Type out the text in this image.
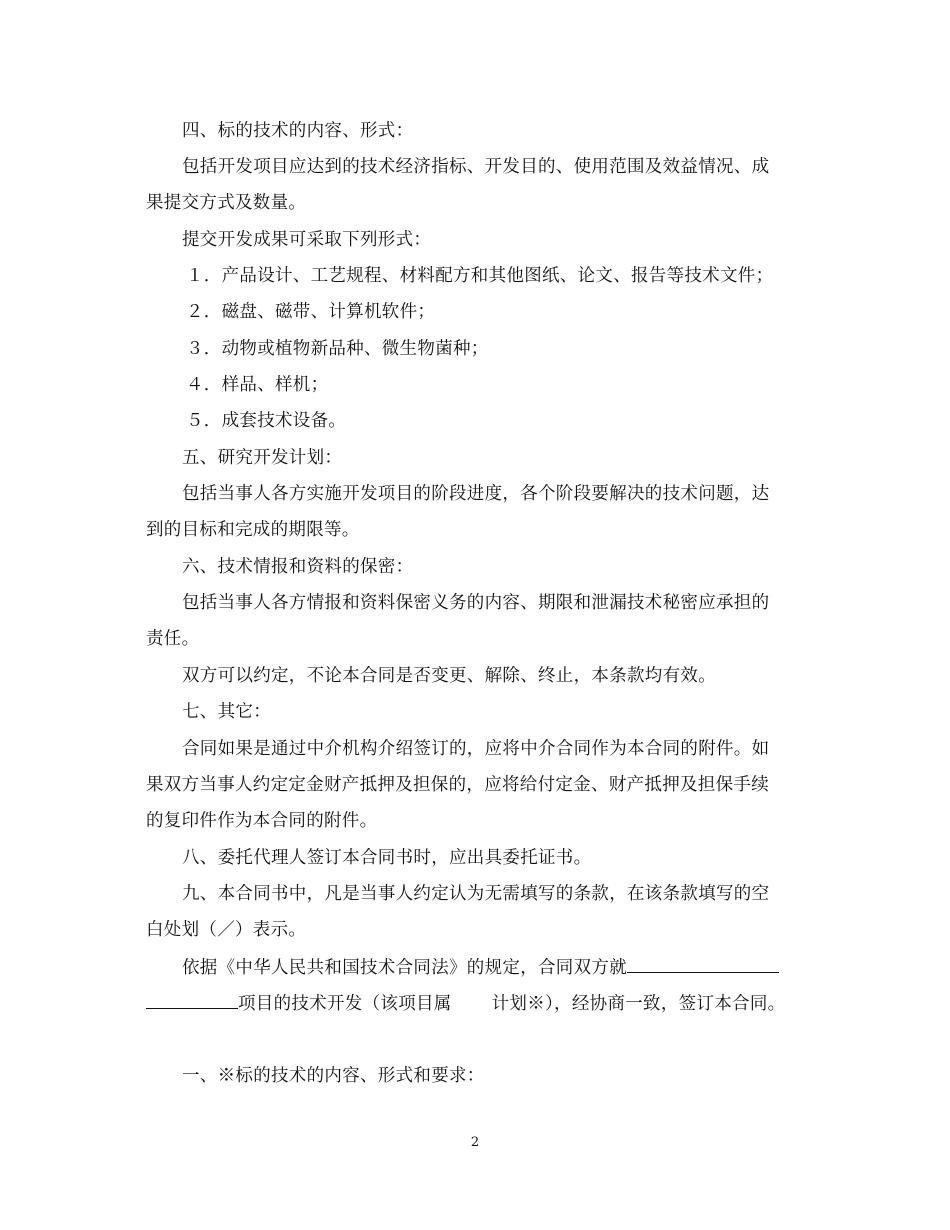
四、标的技术的内容、形式：
包括开发项目应达到的技术经济指标、开发目的、使用范围及效益情况、成
果提交方式及数量。
提交开发成果可采取下列形式：
１．产品设计、工艺规程、材料配方和其他图纸、论文、报告等技术文件；
２．磁盘、磁带、计算机软件；
３．动物或植物新品种、微生物菌种；
４．样品、样机；
５．成套技术设备。
五、研究开发计划：
包括当事人各方实施开发项目的阶段进度，各个阶段要解决的技术问题，达
到的目标和完成的期限等。
六、技术情报和资料的保密：
包括当事人各方情报和资料保密义务的内容、期限和泄漏技术秘密应承担的
责任。
双方可以约定，不论本合同是否变更、解除、终止，本条款均有效。
七、其它：
合同如果是通过中介机构介绍签订的，应将中介合同作为本合同的附件。如
果双方当事人约定定金财产抵押及担保的，应将给付定金、财产抵押及担保手续
的复印件作为本合同的附件。
八、委托代理人签订本合同书时，应出具委托证书。
九、本合同书中，凡是当事人约定认为无需填写的条款，在该条款填写的空
白处划（／）表示。
依据《中华人民共和国技术合同法》的规定，合同双方就
项目的技术开发（该项目属 计划※），经协商一致，签订本合同。
一、※标的技术的内容、形式和要求：
2
